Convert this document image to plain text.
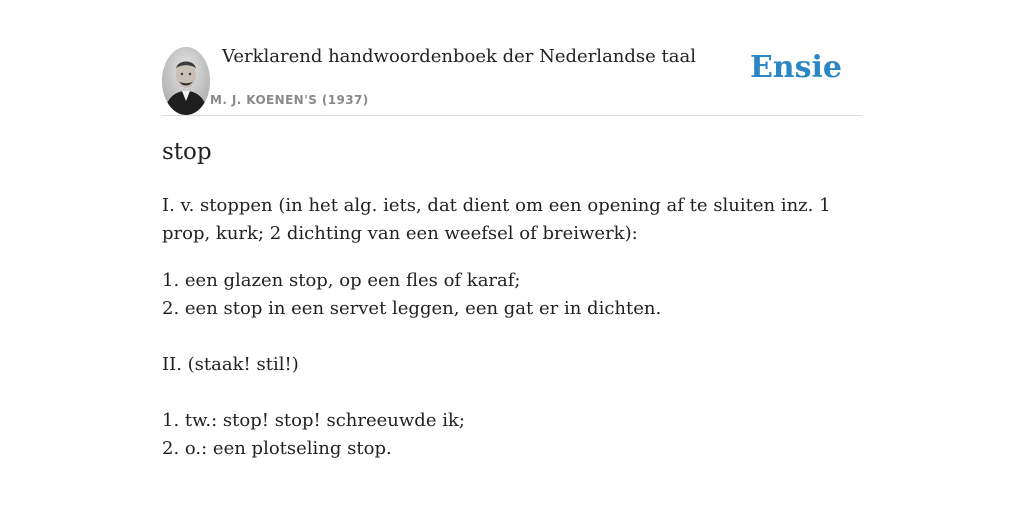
Verklarend handwoordenboek der Nederlandse taal
M. J. KOENEN'S (1937)
Ensie
stop

I. v. stoppen (in het alg. iets, dat dient om een opening af te sluiten inz. 1 prop, kurk; 2 dichting van een weefsel of breiwerk):

1. een glazen stop, op een fles of karaf;

2. een stop in een servet leggen, een gat er in dichten.

II. (staak! stil!)

1. tw.: stop! stop! schreeuwde ik;

2. o.: een plotseling stop.
